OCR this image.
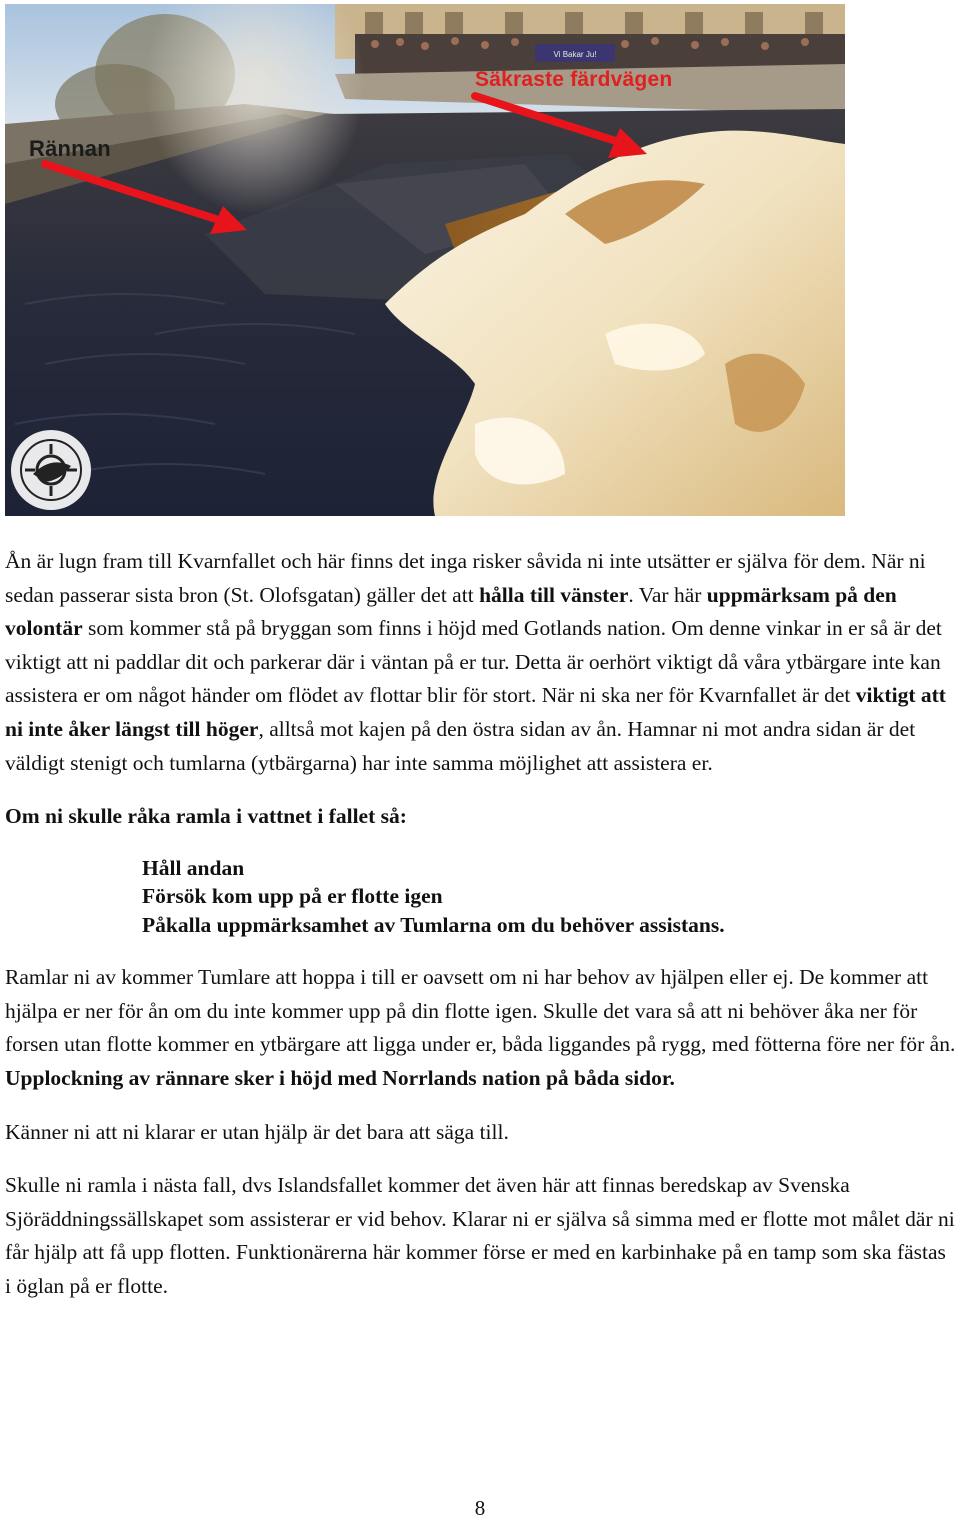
Vi Bakar Ju!
Rännan
Säkraste färdvägen

Ån är lugn fram till Kvarnfallet och här finns det inga risker såvida ni inte utsätter er själva för dem. När ni sedan passerar sista bron (St. Olofsgatan) gäller det att hålla till vänster. Var här uppmärksam på den volontär som kommer stå på bryggan som finns i höjd med Gotlands nation. Om denne vinkar in er så är det viktigt att ni paddlar dit och parkerar där i väntan på er tur. Detta är oerhört viktigt då våra ytbärgare inte kan assistera er om något händer om flödet av flottar blir för stort. När ni ska ner för Kvarnfallet är det viktigt att ni inte åker längst till höger, alltså mot kajen på den östra sidan av ån. Hamnar ni mot andra sidan är det väldigt stenigt och tumlarna (ytbärgarna) har inte samma möjlighet att assistera er.

Om ni skulle råka ramla i vattnet i fallet så:

Håll andan
Försök kom upp på er flotte igen
Påkalla uppmärksamhet av Tumlarna om du behöver assistans.

Ramlar ni av kommer Tumlare att hoppa i till er oavsett om ni har behov av hjälpen eller ej. De kommer att hjälpa er ner för ån om du inte kommer upp på din flotte igen. Skulle det vara så att ni behöver åka ner för forsen utan flotte kommer en ytbärgare att ligga under er, båda liggandes på rygg, med fötterna före ner för ån. Upplockning av rännare sker i höjd med Norrlands nation på båda sidor.

Känner ni att ni klarar er utan hjälp är det bara att säga till.

Skulle ni ramla i nästa fall, dvs Islandsfallet kommer det även här att finnas beredskap av Svenska Sjöräddningssällskapet som assisterar er vid behov. Klarar ni er själva så simma med er flotte mot målet där ni får hjälp att få upp flotten. Funktionärerna här kommer förse er med en karbinhake på en tamp som ska fästas i öglan på er flotte.

8
